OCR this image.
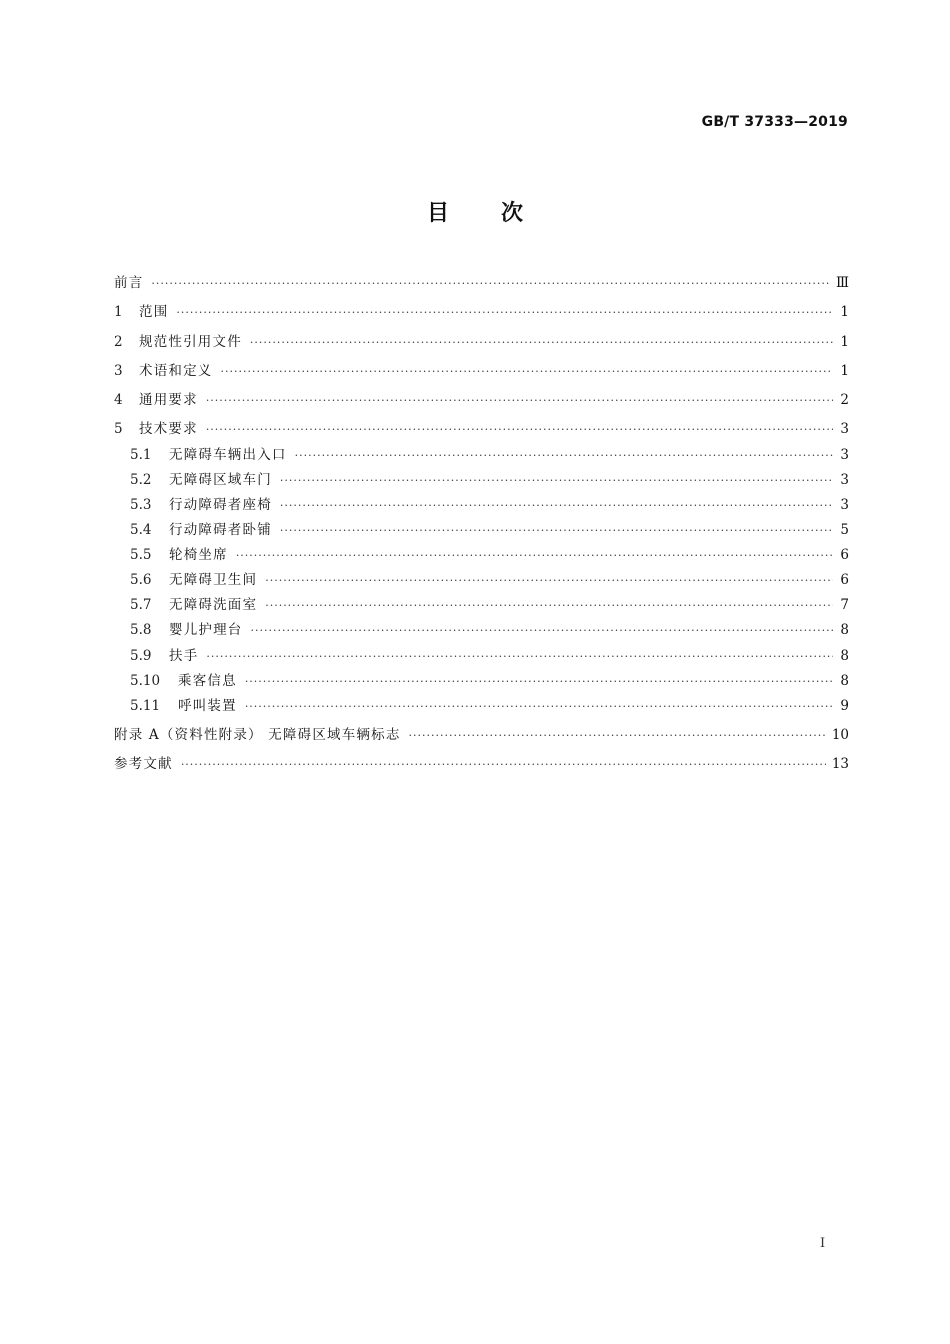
GB/T 37333—2019
目次
前言 ·····	Ⅲ
1	范围 ·····	1
2	规范性引用文件 ·····	1
3	术语和定义 ·····	1
4	通用要求 ·····	2
5	技术要求 ·····	3
5.1	无障碍车辆出入口 ·····	3
5.2	无障碍区域车门 ·····	3
5.3	行动障碍者座椅 ·····	3
5.4	行动障碍者卧铺 ·····	5
5.5	轮椅坐席 ·····	6
5.6	无障碍卫生间 ·····	6
5.7	无障碍洗面室 ·····	7
5.8	婴儿护理台 ·····	8
5.9	扶手 ·····	8
5.10	乘客信息 ·····	8
5.11	呼叫装置 ·····	9
附录 A（资料性附录） 无障碍区域车辆标志 ·····	10
参考文献 ·····	13
I
